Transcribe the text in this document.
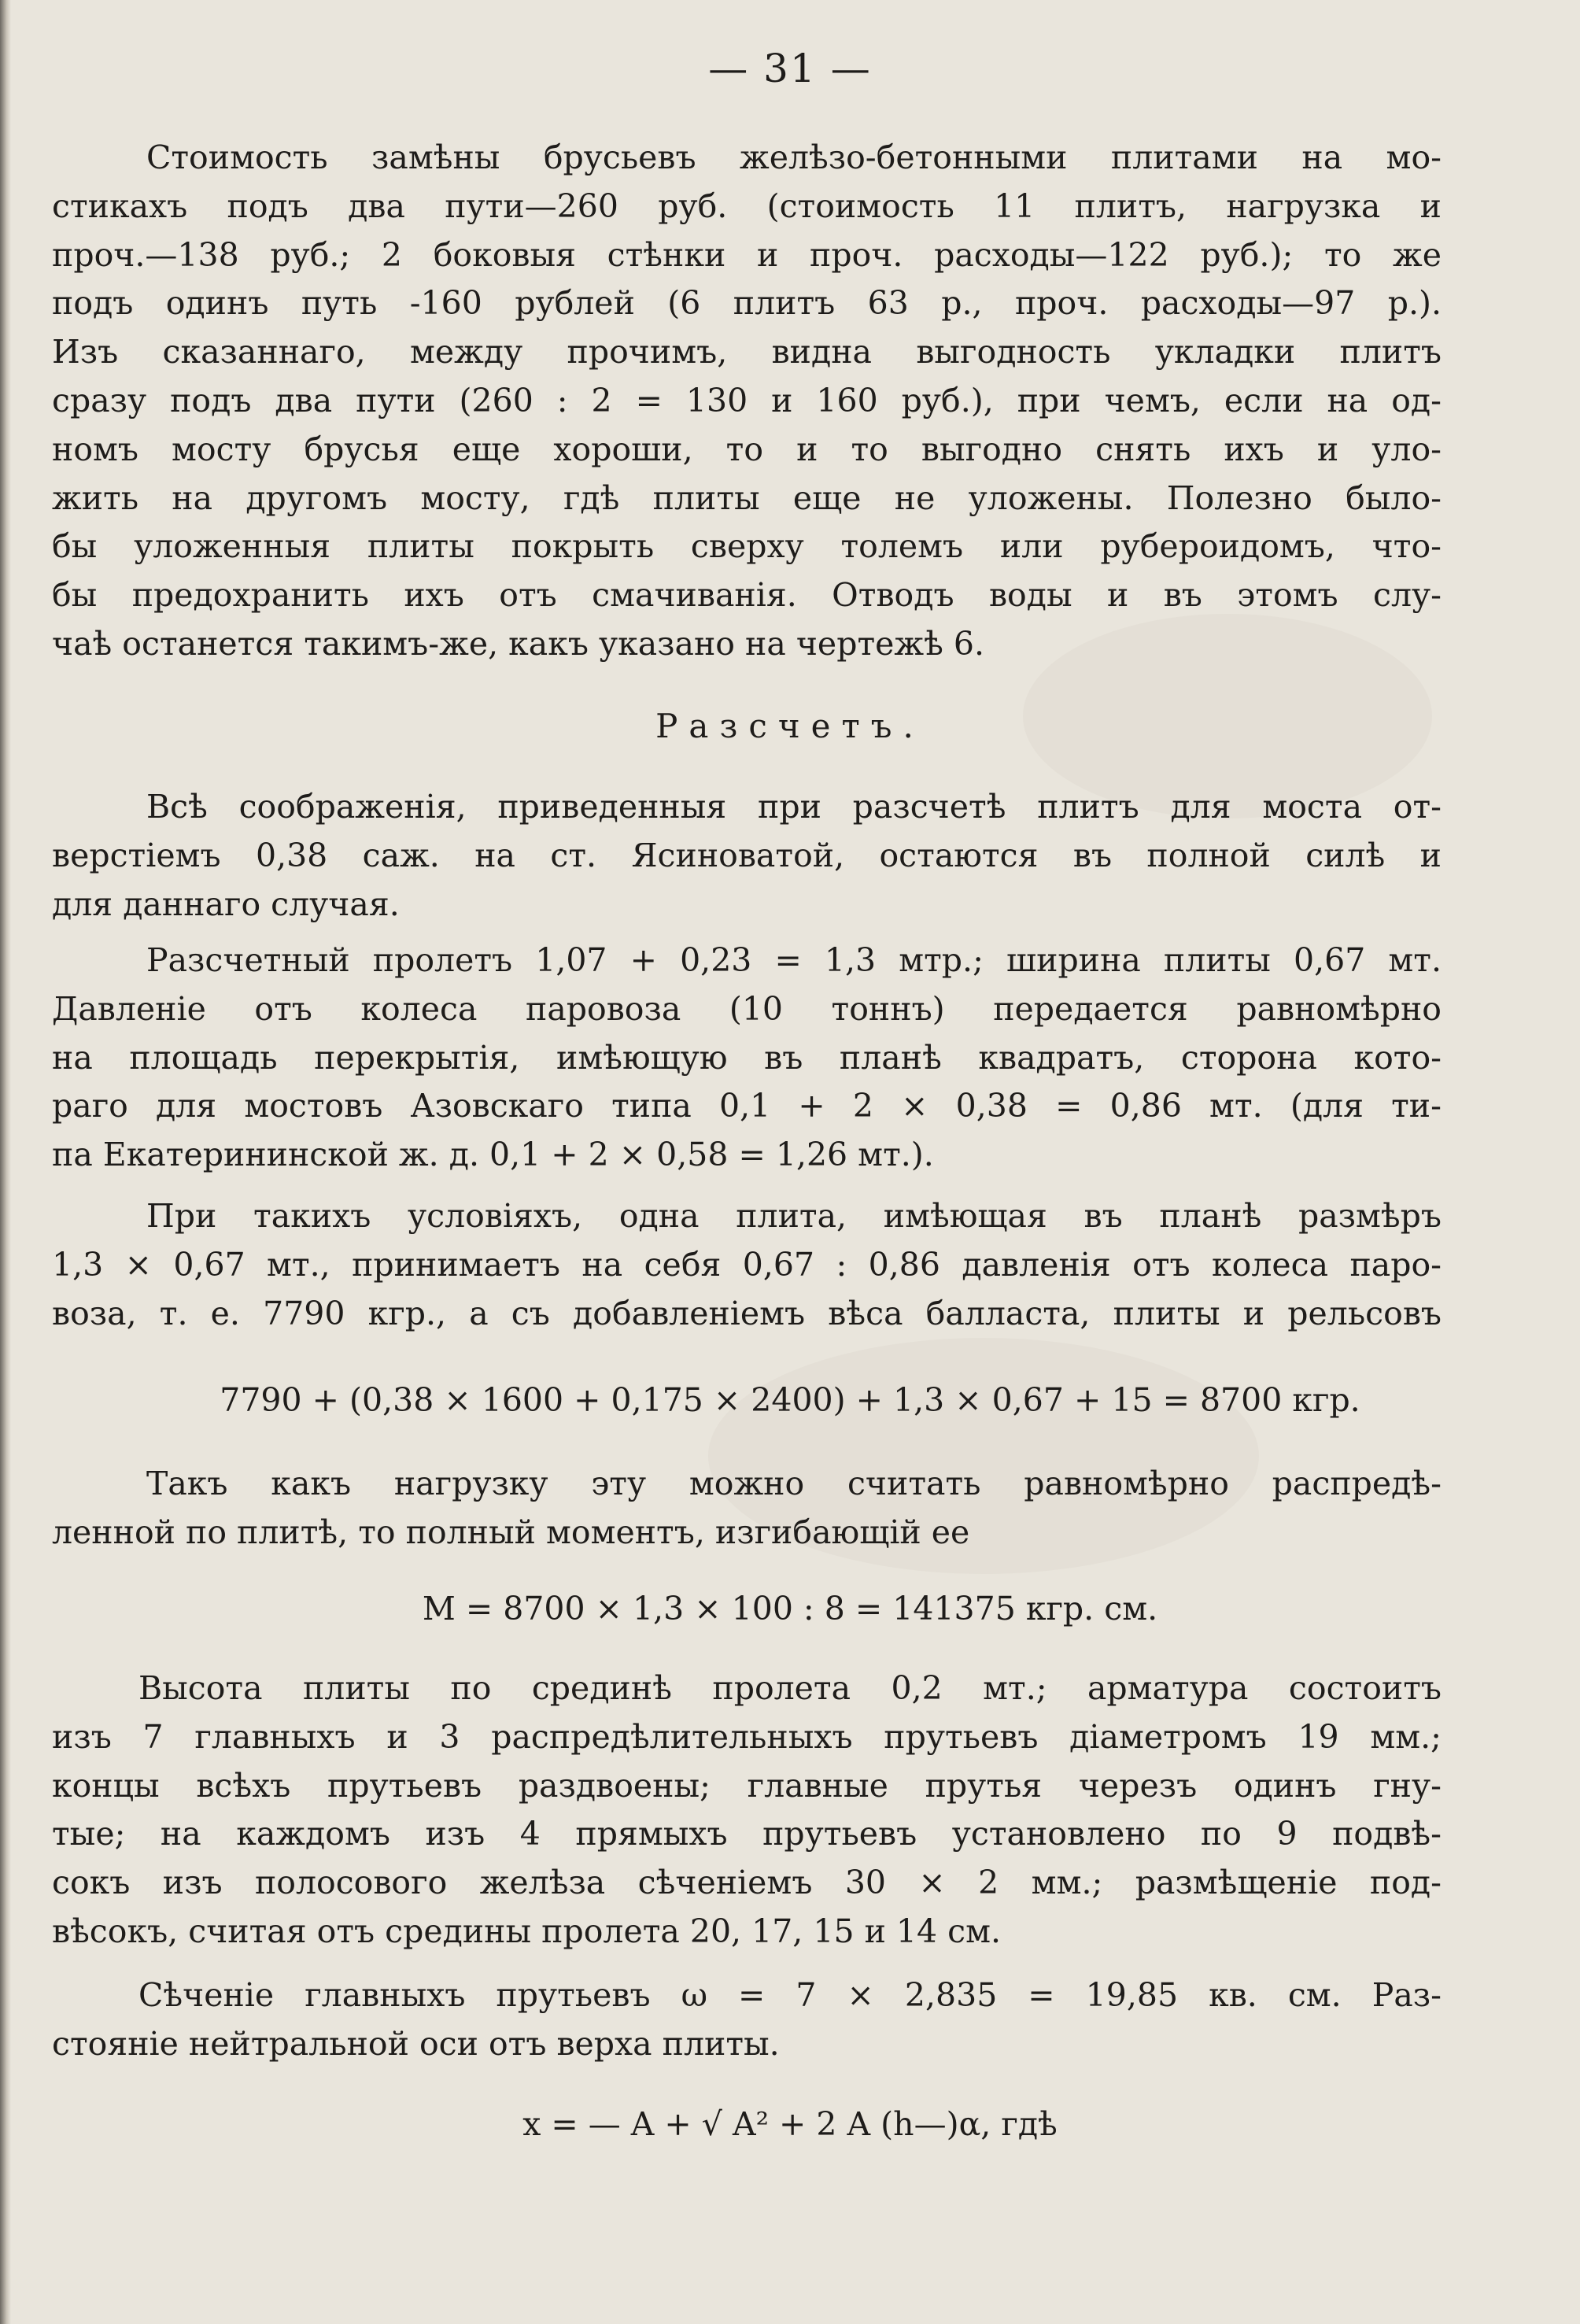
— 31 —

Стоимость замѣны брусьевъ желѣзо-бетонными плитами на мо-
стикахъ подъ два пути—260 руб. (стоимость 11 плитъ, нагрузка и
проч.—138 руб.; 2 боковыя стѣнки и проч. расходы—122 руб.); то же
подъ одинъ путь -160 рублей (6 плитъ 63 р., проч. расходы—97 р.).
Изъ сказаннаго, между прочимъ, видна выгодность укладки плитъ
сразу подъ два пути (260 : 2 = 130 и 160 руб.), при чемъ, если на од-
номъ мосту брусья еще хороши, то и то выгодно снять ихъ и уло-
жить на другомъ мосту, гдѣ плиты еще не уложены. Полезно было-
бы уложенныя плиты покрыть сверху толемъ или рубероидомъ, что-
бы предохранить ихъ отъ смачиванія. Отводъ воды и въ этомъ слу-
чаѣ останется такимъ-же, какъ указано на чертежѣ 6.

Разсчетъ.

Всѣ соображенія, приведенныя при разсчетѣ плитъ для моста от-
верстіемъ 0,38 саж. на ст. Ясиноватой, остаются въ полной силѣ и
для даннаго случая.
Разсчетный пролетъ 1,07 + 0,23 = 1,3 мтр.; ширина плиты 0,67 мт.
Давленіе отъ колеса паровоза (10 тоннъ) передается равномѣрно
на площадь перекрытія, имѣющую въ планѣ квадратъ, сторона кото-
раго для мостовъ Азовскаго типа 0,1 + 2 × 0,38 = 0,86 мт. (для ти-
па Екатерининской ж. д. 0,1 + 2 × 0,58 = 1,26 мт.).
При такихъ условіяхъ, одна плита, имѣющая въ планѣ размѣръ
1,3 × 0,67 мт., принимаетъ на себя 0,67 : 0,86 давленія отъ колеса паро-
воза, т. е. 7790 кгр., а съ добавленіемъ вѣса балласта, плиты и рельсовъ

7790 + (0,38 × 1600 + 0,175 × 2400) + 1,3 × 0,67 + 15 = 8700 кгр.

Такъ какъ нагрузку эту можно считать равномѣрно распредѣ-
ленной по плитѣ, то полный моментъ, изгибающій ее

M = 8700 × 1,3 × 100 : 8 = 141375 кгр. см.

Высота плиты по срединѣ пролета 0,2 мт.; арматура состоитъ
изъ 7 главныхъ и 3 распредѣлительныхъ прутьевъ діаметромъ 19 мм.;
концы всѣхъ прутьевъ раздвоены; главные прутья черезъ одинъ гну-
тые; на каждомъ изъ 4 прямыхъ прутьевъ установлено по 9 подвѣ-
сокъ изъ полосового желѣза сѣченіемъ 30 × 2 мм.; размѣщеніе под-
вѣсокъ, считая отъ средины пролета 20, 17, 15 и 14 см.
Сѣченіе главныхъ прутьевъ ω = 7 × 2,835 = 19,85 кв. см. Раз-
стояніе нейтральной оси отъ верха плиты.

x = — A + √ A² + 2 A (h—)α, гдѣ
